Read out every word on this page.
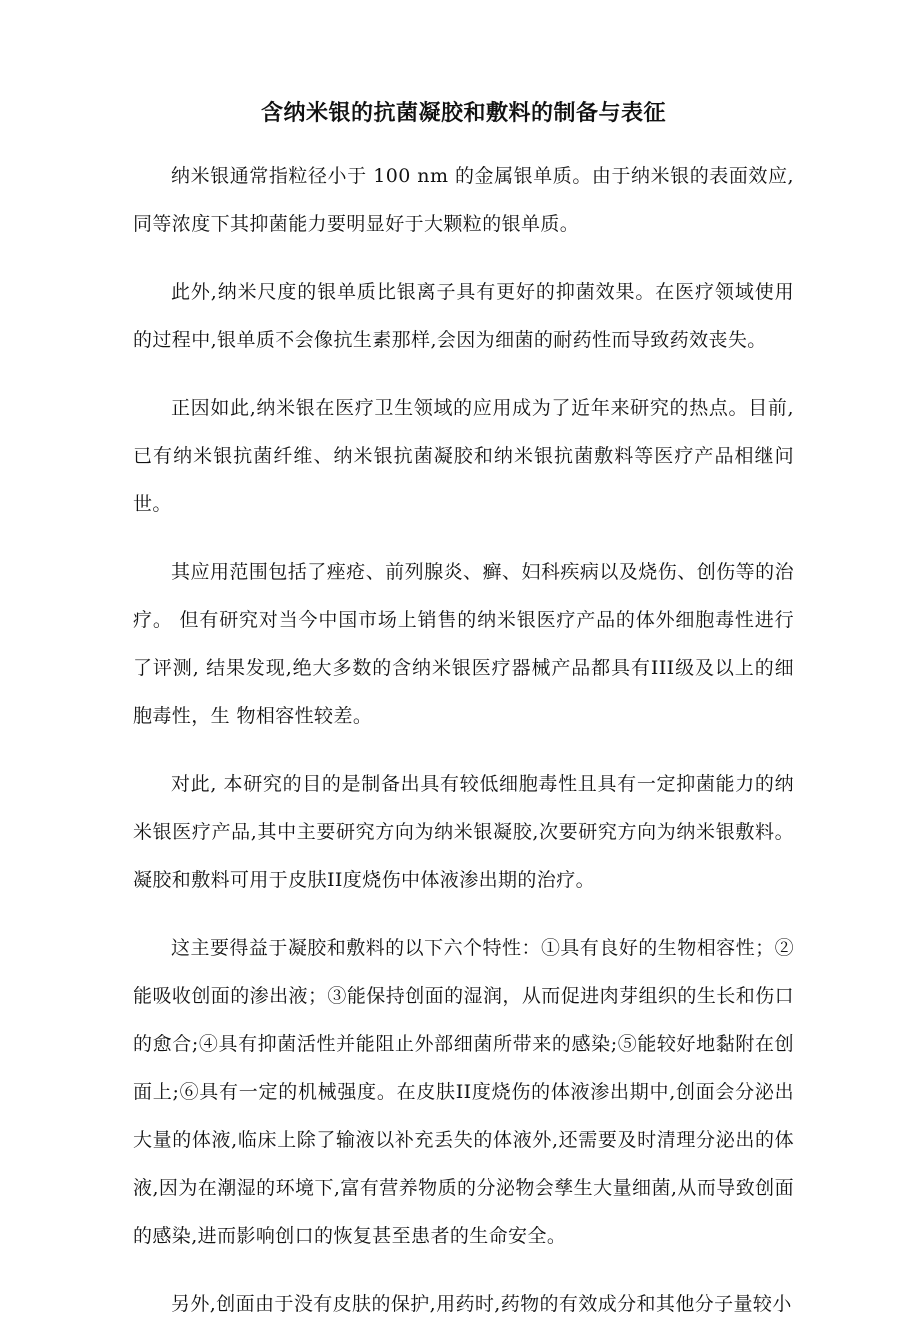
含纳米银的抗菌凝胶和敷料的制备与表征

纳米银通常指粒径小于 100 nm 的金属银单质。由于纳米银的表面效应,同等浓度下其抑菌能力要明显好于大颗粒的银单质。

此外,纳米尺度的银单质比银离子具有更好的抑菌效果。在医疗领域使用的过程中,银单质不会像抗生素那样,会因为细菌的耐药性而导致药效丧失。

正因如此,纳米银在医疗卫生领域的应用成为了近年来研究的热点。目前, 已有纳米银抗菌纤维、纳米银抗菌凝胶和纳米银抗菌敷料等医疗产品相继问世。

其应用范围包括了痤疮、前列腺炎、癣、妇科疾病以及烧伤、创伤等的治疗。 但有研究对当今中国市场上销售的纳米银医疗产品的体外细胞毒性进行了评测, 结果发现,绝大多数的含纳米银医疗器械产品都具有III级及以上的细胞毒性，生 物相容性较差。

对此, 本研究的目的是制备出具有较低细胞毒性且具有一定抑菌能力的纳米银医疗产品,其中主要研究方向为纳米银凝胶,次要研究方向为纳米银敷料。凝胶和敷料可用于皮肤II度烧伤中体液渗出期的治疗。

这主要得益于凝胶和敷料的以下六个特性：①具有良好的生物相容性；②能吸收创面的渗出液；③能保持创面的湿润，从而促进肉芽组织的生长和伤口的愈合;④具有抑菌活性并能阻止外部细菌所带来的感染;⑤能较好地黏附在创面上;⑥具有一定的机械强度。在皮肤II度烧伤的体液渗出期中,创面会分泌出大量的体液,临床上除了输液以补充丢失的体液外,还需要及时清理分泌出的体液,因为在潮湿的环境下,富有营养物质的分泌物会孳生大量细菌,从而导致创面的感染,进而影响创口的恢复甚至患者的生命安全。

另外,创面由于没有皮肤的保护,用药时,药物的有效成分和其他分子量较小
